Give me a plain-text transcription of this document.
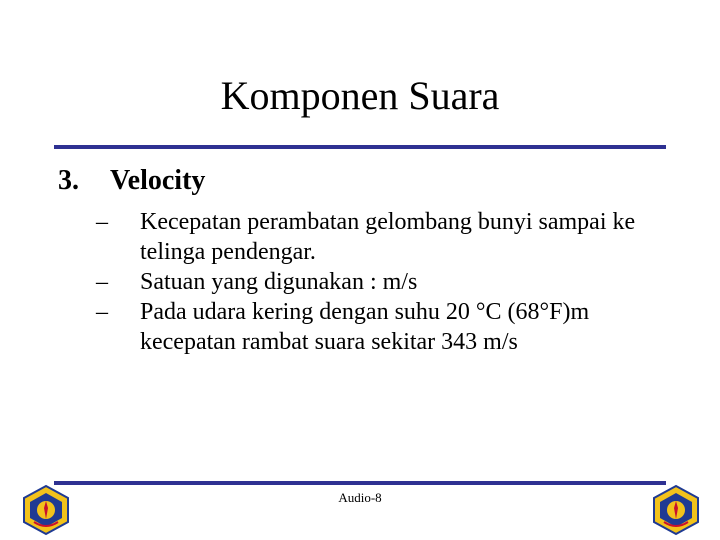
Komponen Suara
3. Velocity
– Kecepatan perambatan gelombang bunyi sampai ke telinga pendengar.
– Satuan yang digunakan : m/s
– Pada udara kering dengan suhu 20 °C (68°F)m kecepatan rambat suara sekitar 343 m/s
Audio-8
